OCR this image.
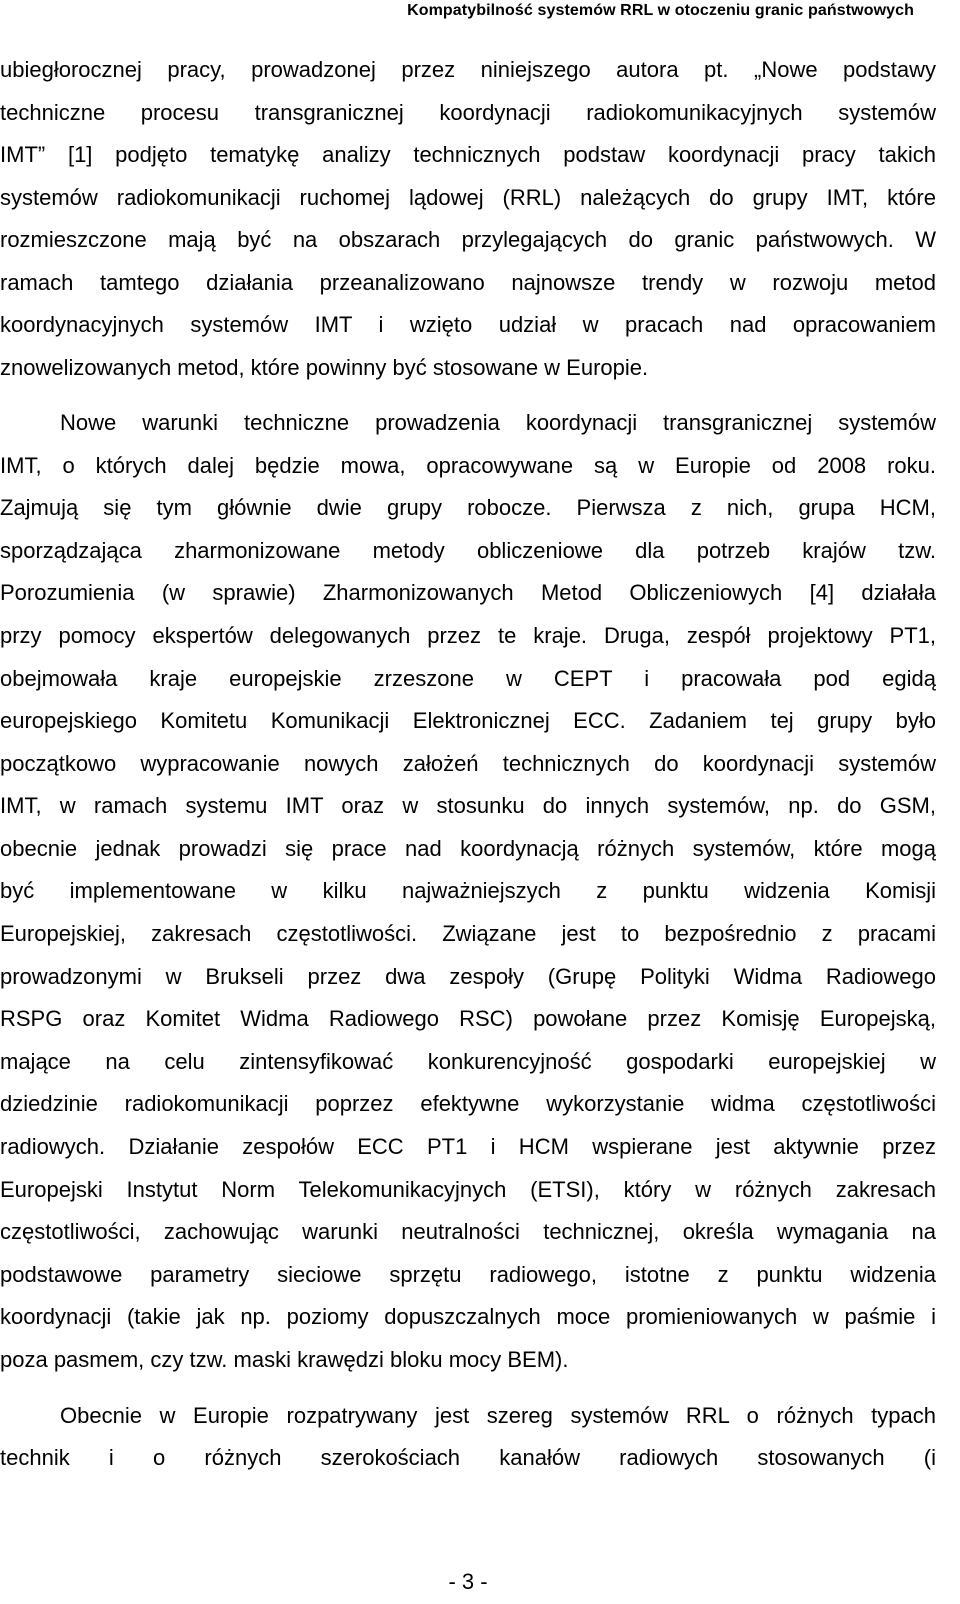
Kompatybilność systemów RRL w otoczeniu granic państwowych
ubiegłorocznej pracy, prowadzonej przez niniejszego autora pt. „Nowe podstawy
techniczne procesu transgranicznej koordynacji radiokomunikacyjnych systemów
IMT” [1] podjęto tematykę analizy technicznych podstaw koordynacji pracy takich
systemów radiokomunikacji ruchomej lądowej (RRL) należących do grupy IMT, które
rozmieszczone mają być na obszarach przylegających do granic państwowych. W
ramach tamtego działania przeanalizowano najnowsze trendy w rozwoju metod
koordynacyjnych systemów IMT i wzięto udział w pracach nad opracowaniem
znowelizowanych metod, które powinny być stosowane w Europie.
Nowe warunki techniczne prowadzenia koordynacji transgranicznej systemów
IMT, o których dalej będzie mowa, opracowywane są w Europie od 2008 roku.
Zajmują się tym głównie dwie grupy robocze. Pierwsza z nich, grupa HCM,
sporządzająca zharmonizowane metody obliczeniowe dla potrzeb krajów tzw.
Porozumienia (w sprawie) Zharmonizowanych Metod Obliczeniowych [4] działała
przy pomocy ekspertów delegowanych przez te kraje. Druga, zespół projektowy PT1,
obejmowała kraje europejskie zrzeszone w CEPT i pracowała pod egidą
europejskiego Komitetu Komunikacji Elektronicznej ECC. Zadaniem tej grupy było
początkowo wypracowanie nowych założeń technicznych do koordynacji systemów
IMT, w ramach systemu IMT oraz w stosunku do innych systemów, np. do GSM,
obecnie jednak prowadzi się prace nad koordynacją różnych systemów, które mogą
być implementowane w kilku najważniejszych z punktu widzenia Komisji
Europejskiej, zakresach częstotliwości. Związane jest to bezpośrednio z pracami
prowadzonymi w Brukseli przez dwa zespoły (Grupę Polityki Widma Radiowego
RSPG oraz Komitet Widma Radiowego RSC) powołane przez Komisję Europejską,
mające na celu zintensyfikować konkurencyjność gospodarki europejskiej w
dziedzinie radiokomunikacji poprzez efektywne wykorzystanie widma częstotliwości
radiowych. Działanie zespołów ECC PT1 i HCM wspierane jest aktywnie przez
Europejski Instytut Norm Telekomunikacyjnych (ETSI), który w różnych zakresach
częstotliwości, zachowując warunki neutralności technicznej, określa wymagania na
podstawowe parametry sieciowe sprzętu radiowego, istotne z punktu widzenia
koordynacji (takie jak np. poziomy dopuszczalnych moce promieniowanych w paśmie i
poza pasmem, czy tzw. maski krawędzi bloku mocy BEM).
Obecnie w Europie rozpatrywany jest szereg systemów RRL o różnych typach
technik i o różnych szerokościach kanałów radiowych stosowanych (i
- 3 -
